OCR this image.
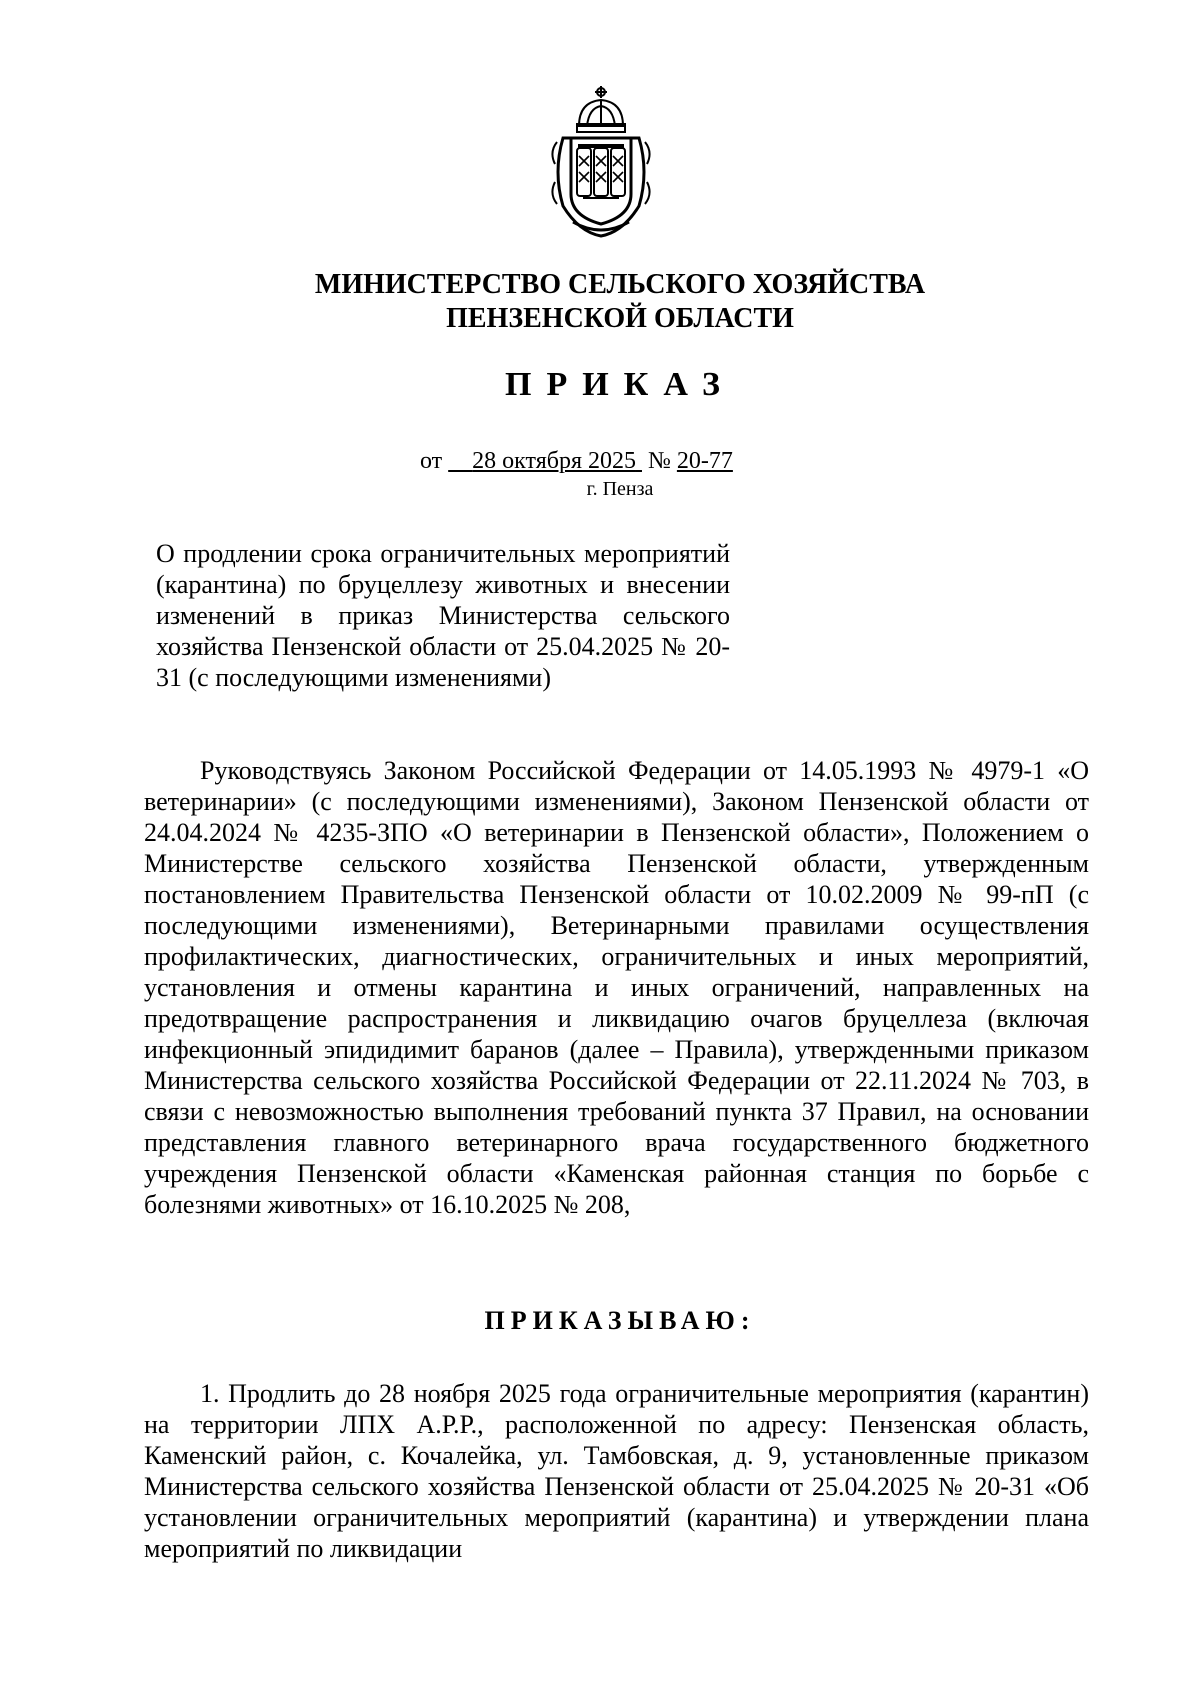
МИНИСТЕРСТВО СЕЛЬСКОГО ХОЗЯЙСТВА
ПЕНЗЕНСКОЙ ОБЛАСТИ
ПРИКАЗ
от 28 октября 2025 № 20-77
г. Пенза
О продлении срока ограничительных мероприятий (карантина) по бруцеллезу животных и внесении изменений в приказ Министерства сельского хозяйства Пензенской области от 25.04.2025 № 20-31 (с последующими изменениями)

Руководствуясь Законом Российской Федерации от 14.05.1993 № 4979-1 «О ветеринарии» (с последующими изменениями), Законом Пензенской области от 24.04.2024 № 4235-ЗПО «О ветеринарии в Пензенской области», Положением о Министерстве сельского хозяйства Пензенской области, утвержденным постановлением Правительства Пензенской области от 10.02.2009 № 99-пП (с последующими изменениями), Ветеринарными правилами осуществления профилактических, диагностических, ограничительных и иных мероприятий, установления и отмены карантина и иных ограничений, направленных на предотвращение распространения и ликвидацию очагов бруцеллеза (включая инфекционный эпидидимит баранов (далее – Правила), утвержденными приказом Министерства сельского хозяйства Российской Федерации от 22.11.2024 № 703, в связи с невозможностью выполнения требований пункта 37 Правил, на основании представления главного ветеринарного врача государственного бюджетного учреждения Пензенской области «Каменская районная станция по борьбе с болезнями животных» от 16.10.2025 № 208,

ПРИКАЗЫВАЮ:

1. Продлить до 28 ноября 2025 года ограничительные мероприятия (карантин) на территории ЛПХ А.Р.Р., расположенной по адресу: Пензенская область, Каменский район, с. Кочалейка, ул. Тамбовская, д. 9, установленные приказом Министерства сельского хозяйства Пензенской области от 25.04.2025 № 20-31 «Об установлении ограничительных мероприятий (карантина) и утверждении плана мероприятий по ликвидации
